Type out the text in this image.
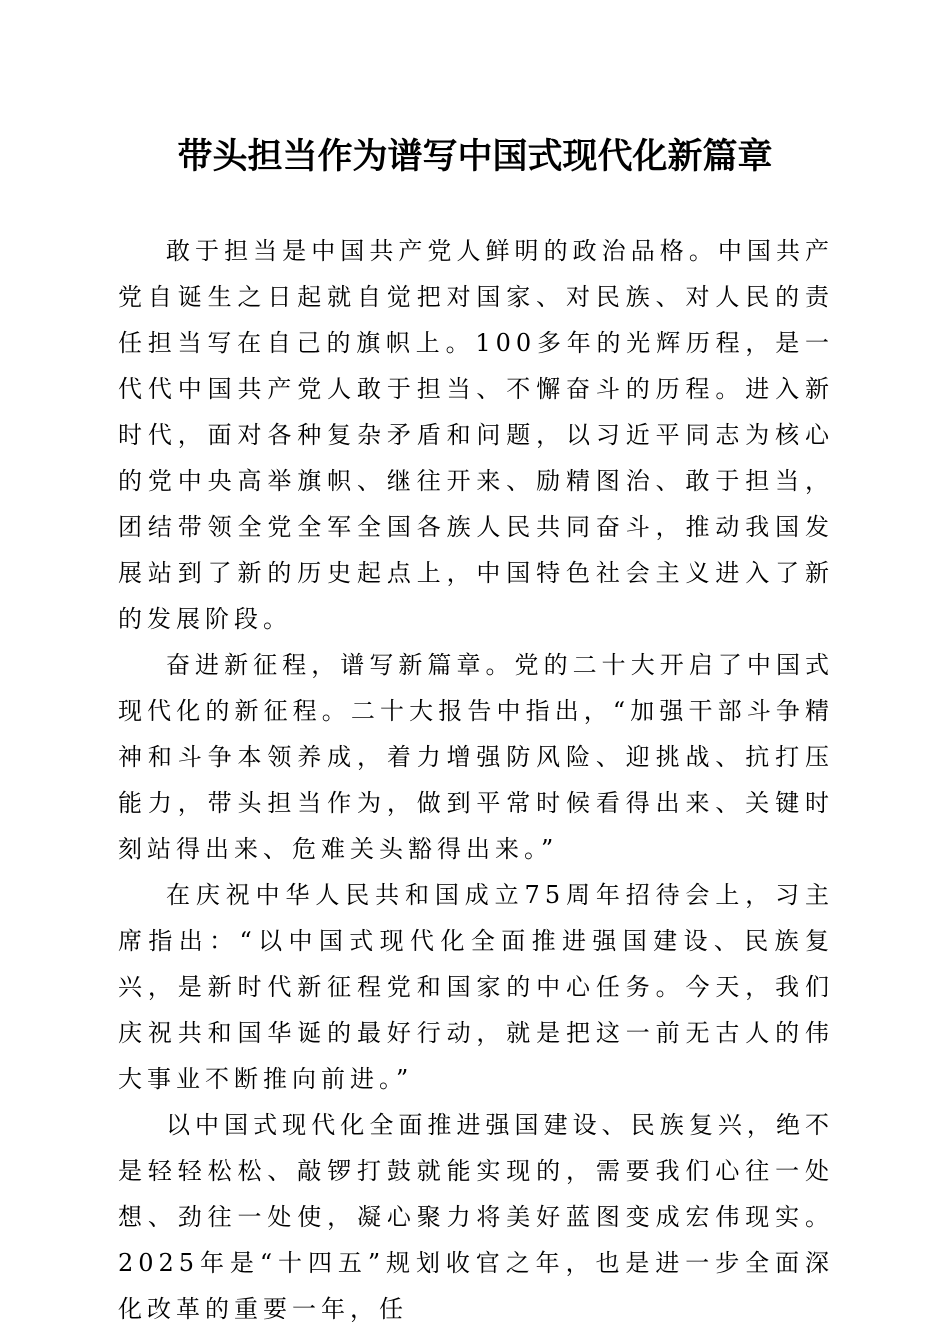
带头担当作为谱写中国式现代化新篇章

敢于担当是中国共产党人鲜明的政治品格。中国共产党自诞生之日起就自觉把对国家、对民族、对人民的责任担当写在自己的旗帜上。100多年的光辉历程，是一代代中国共产党人敢于担当、不懈奋斗的历程。进入新时代，面对各种复杂矛盾和问题，以习近平同志为核心的党中央高举旗帜、继往开来、励精图治、敢于担当，团结带领全党全军全国各族人民共同奋斗，推动我国发展站到了新的历史起点上，中国特色社会主义进入了新的发展阶段。

奋进新征程，谱写新篇章。党的二十大开启了中国式现代化的新征程。二十大报告中指出，“加强干部斗争精神和斗争本领养成，着力增强防风险、迎挑战、抗打压能力，带头担当作为，做到平常时候看得出来、关键时刻站得出来、危难关头豁得出来。”

在庆祝中华人民共和国成立75周年招待会上，习主席指出：“以中国式现代化全面推进强国建设、民族复兴，是新时代新征程党和国家的中心任务。今天，我们庆祝共和国华诞的最好行动，就是把这一前无古人的伟大事业不断推向前进。”

以中国式现代化全面推进强国建设、民族复兴，绝不是轻轻松松、敲锣打鼓就能实现的，需要我们心往一处想、劲往一处使，凝心聚力将美好蓝图变成宏伟现实。2025年是“十四五”规划收官之年，也是进一步全面深化改革的重要一年，任
